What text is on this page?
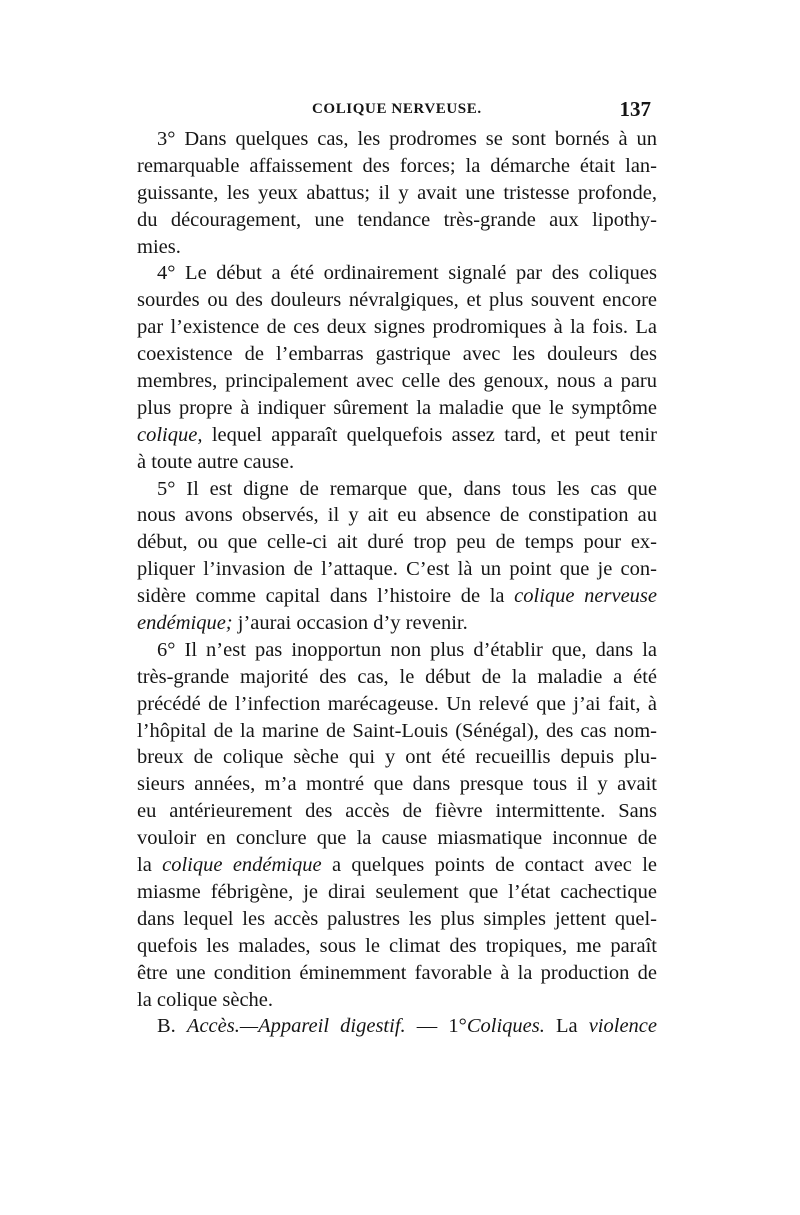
COLIQUE NERVEUSE.	137
3° Dans quelques cas, les prodromes se sont bornés à un
remarquable affaissement des forces; la démarche était lan-
guissante, les yeux abattus; il y avait une tristesse profonde,
du découragement, une tendance très-grande aux lipothy-
mies.
4° Le début a été ordinairement signalé par des coliques
sourdes ou des douleurs névralgiques, et plus souvent encore
par l’existence de ces deux signes prodromiques à la fois. La
coexistence de l’embarras gastrique avec les douleurs des
membres, principalement avec celle des genoux, nous a paru
plus propre à indiquer sûrement la maladie que le symptôme
colique, lequel apparaît quelquefois assez tard, et peut tenir
à toute autre cause.
5° Il est digne de remarque que, dans tous les cas que
nous avons observés, il y ait eu absence de constipation au
début, ou que celle-ci ait duré trop peu de temps pour ex-
pliquer l’invasion de l’attaque. C’est là un point que je con-
sidère comme capital dans l’histoire de la colique nerveuse
endémique; j’aurai occasion d’y revenir.
6° Il n’est pas inopportun non plus d’établir que, dans la
très-grande majorité des cas, le début de la maladie a été
précédé de l’infection marécageuse. Un relevé que j’ai fait, à
l’hôpital de la marine de Saint-Louis (Sénégal), des cas nom-
breux de colique sèche qui y ont été recueillis depuis plu-
sieurs années, m’a montré que dans presque tous il y avait
eu antérieurement des accès de fièvre intermittente. Sans
vouloir en conclure que la cause miasmatique inconnue de
la colique endémique a quelques points de contact avec le
miasme fébrigène, je dirai seulement que l’état cachectique
dans lequel les accès palustres les plus simples jettent quel-
quefois les malades, sous le climat des tropiques, me paraît
être une condition éminemment favorable à la production de
la colique sèche.
B. Accès.—Appareil digestif. — 1°Coliques. La violence
